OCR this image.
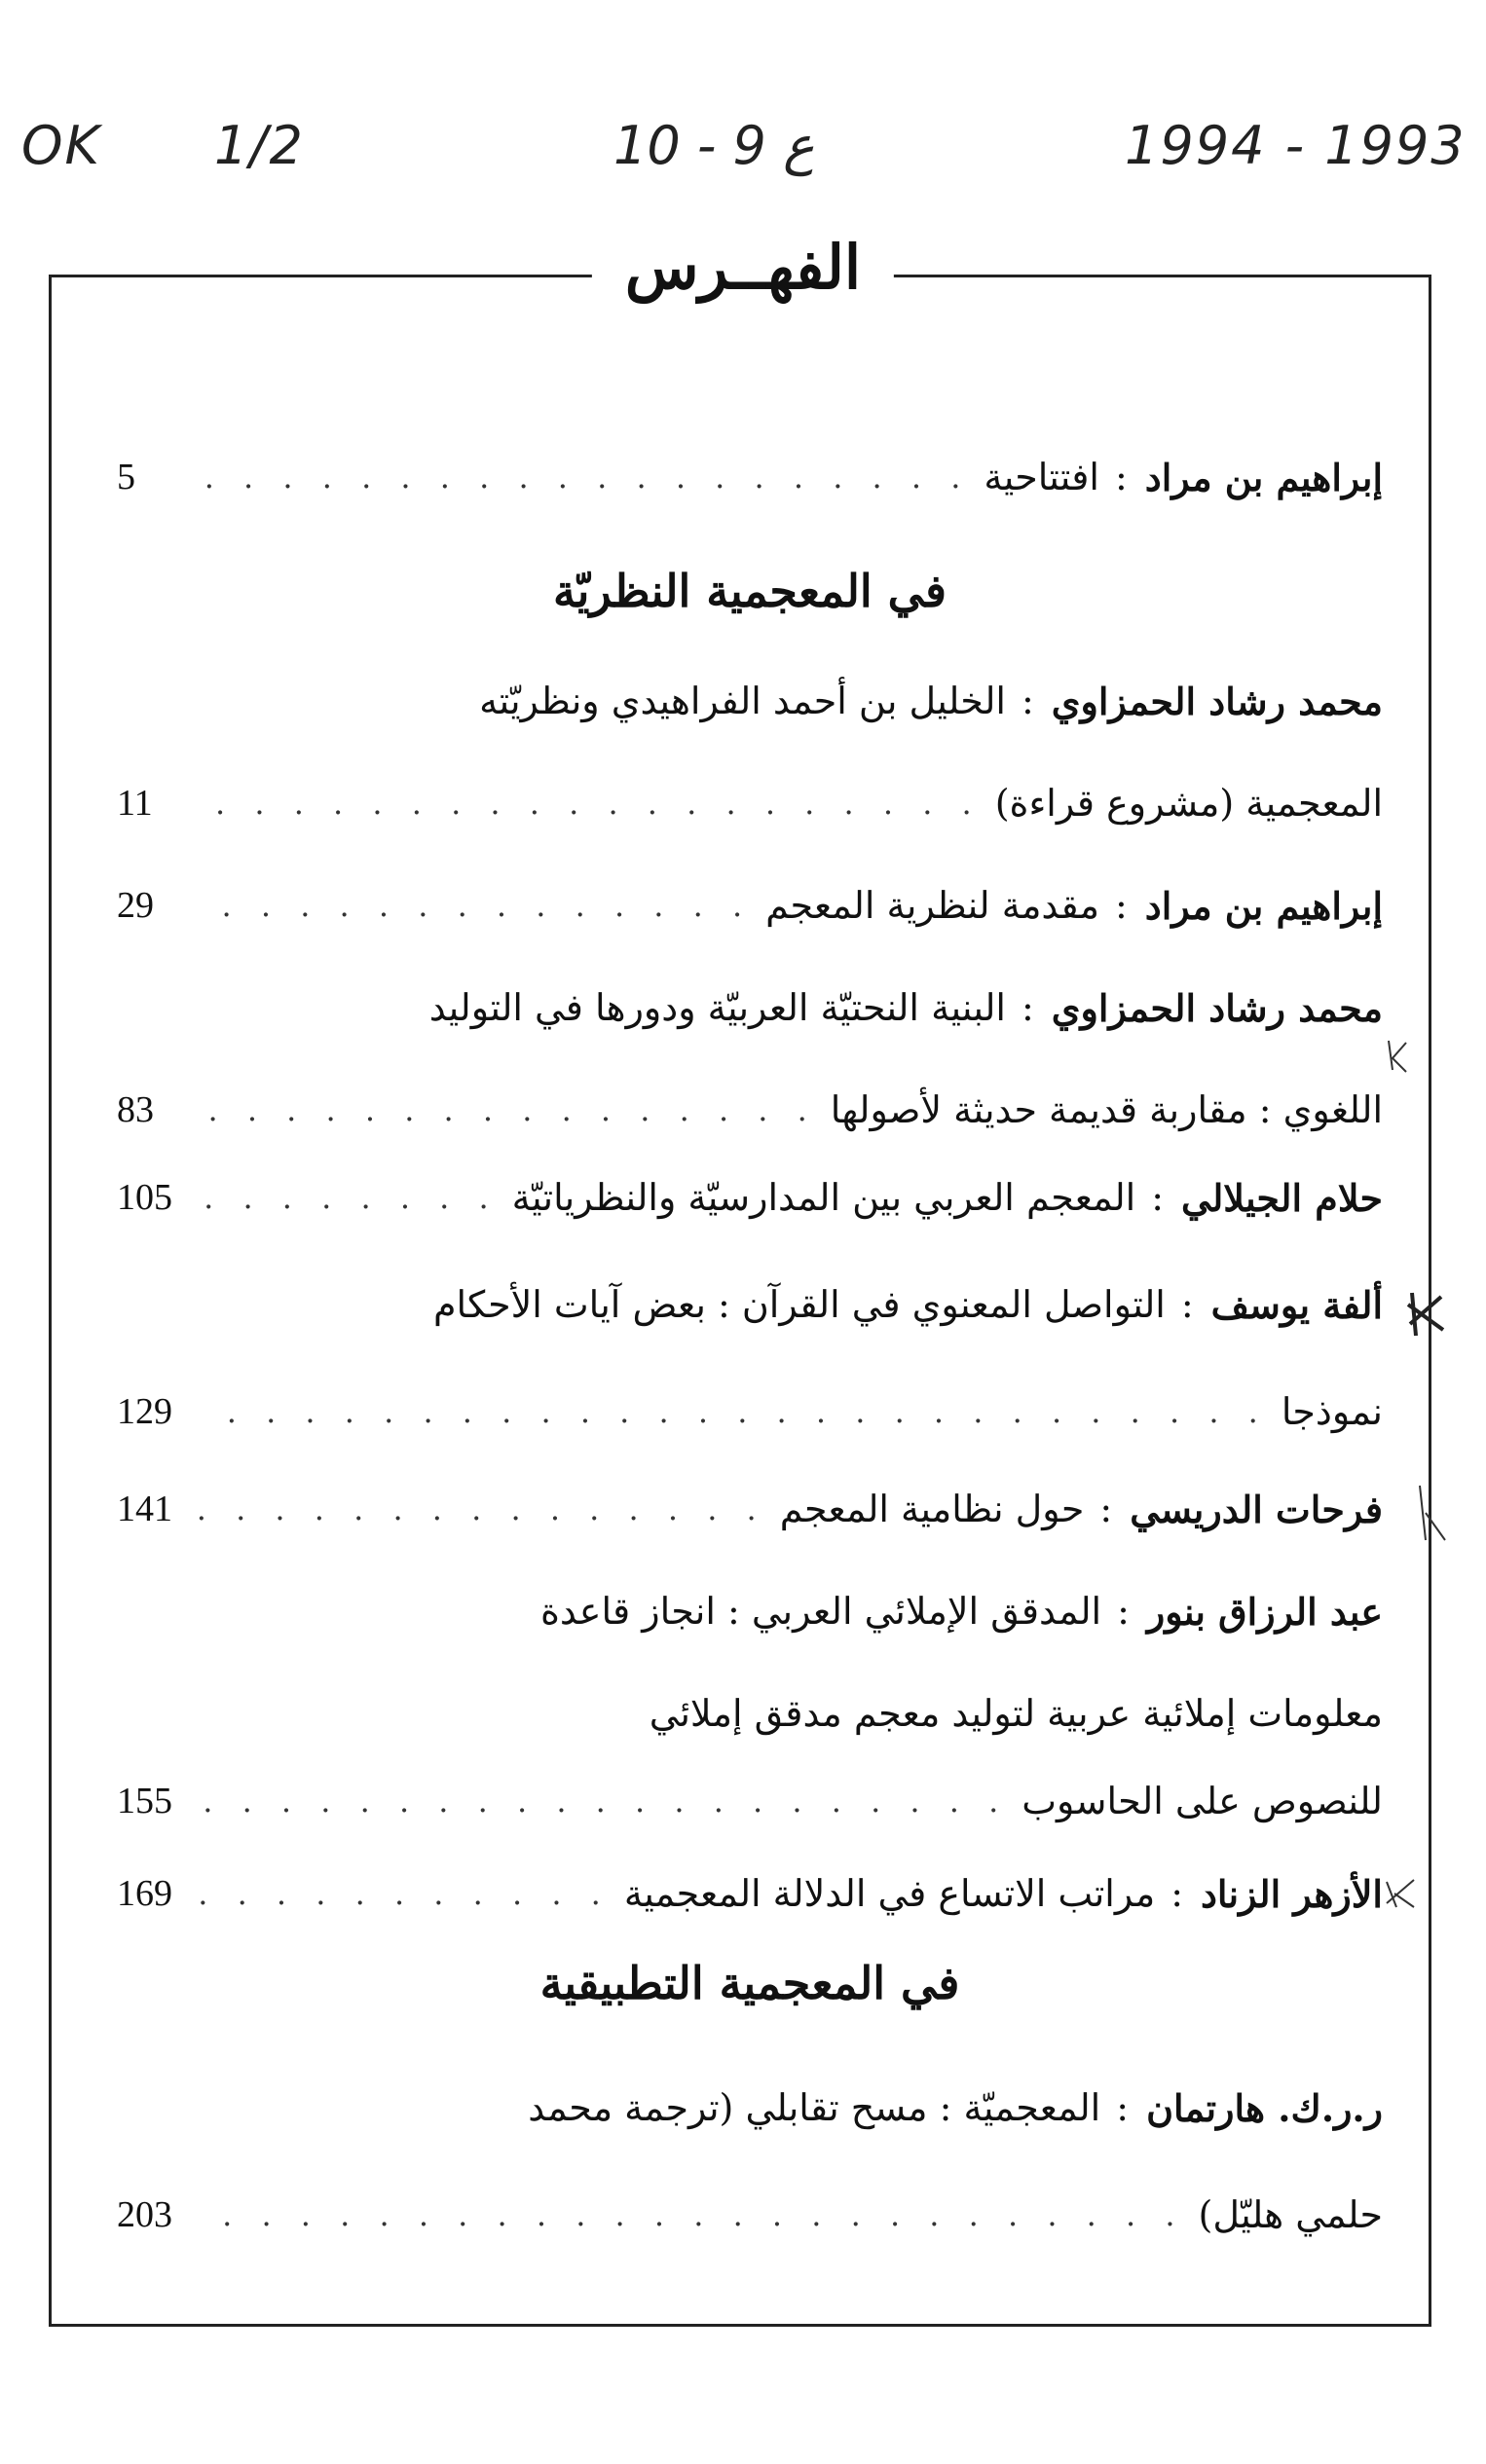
OK 1/2	10 - 9 ع	1994 - 1993
الفهــرس
إبراهيم بن مراد
:
افتتاحية
. . .
5
في المعجمية النظريّة
محمد رشاد الحمزاوي
:
الخليل بن أحمد الفراهيدي ونظريّته
المعجمية (مشروع قراءة)
. . .
11
إبراهيم بن مراد
:
مقدمة لنظرية المعجم
. . .
29
محمد رشاد الحمزاوي
:
البنية النحتيّة العربيّة ودورها في التوليد
اللغوي : مقاربة قديمة حديثة لأصولها
. . .
83
حلام الجيلالي
:
المعجم العربي بين المدارسيّة والنظرياتيّة
. . .
105
ألفة يوسف
:
التواصل المعنوي في القرآن : بعض آيات الأحكام
نموذجا
. . .
129
فرحات الدريسي
:
حول نظامية المعجم
. . .
141
عبد الرزاق بنور
:
المدقق الإملائي العربي : انجاز قاعدة
معلومات إملائية عربية لتوليد معجم مدقق إملائي
للنصوص على الحاسوب
. . .
155
الأزهر الزناد
:
مراتب الاتساع في الدلالة المعجمية
. . .
169
في المعجمية التطبيقية
ر.ر.ك. هارتمان
:
المعجميّة : مسح تقابلي (ترجمة محمد
حلمي هليّل)
. . .
203
